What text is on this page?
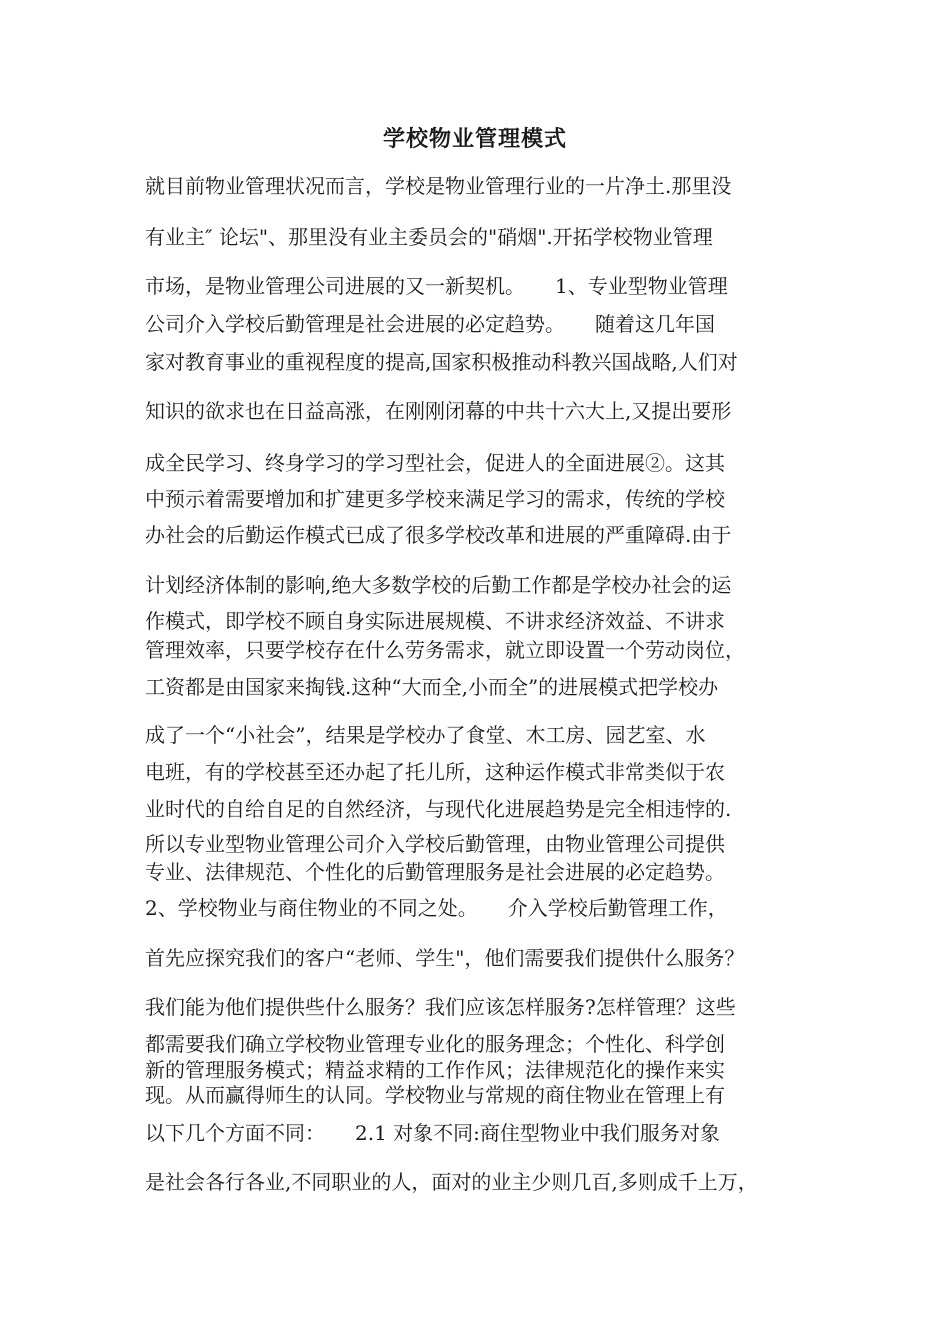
学校物业管理模式
就目前物业管理状况而言，学校是物业管理行业的一片净土.那里没
有业主″ 论坛"、那里没有业主委员会的"硝烟".开拓学校物业管理
市场，是物业管理公司进展的又一新契机。　　1、专业型物业管理
公司介入学校后勤管理是社会进展的必定趋势。　　随着这几年国
家对教育事业的重视程度的提高,国家积极推动科教兴国战略,人们对
知识的欲求也在日益高涨，在刚刚闭幕的中共十六大上,又提出要形
成全民学习、终身学习的学习型社会，促进人的全面进展②。这其
中预示着需要增加和扩建更多学校来满足学习的需求，传统的学校
办社会的后勤运作模式已成了很多学校改革和进展的严重障碍.由于
计划经济体制的影响,绝大多数学校的后勤工作都是学校办社会的运
作模式，即学校不顾自身实际进展规模、不讲求经济效益、不讲求
管理效率，只要学校存在什么劳务需求，就立即设置一个劳动岗位，
工资都是由国家来掏钱.这种“大而全,小而全”的进展模式把学校办
成了一个“小社会”，结果是学校办了食堂、木工房、园艺室、水
电班，有的学校甚至还办起了托儿所，这种运作模式非常类似于农
业时代的自给自足的自然经济，与现代化进展趋势是完全相违悖的.
所以专业型物业管理公司介入学校后勤管理，由物业管理公司提供
专业、法律规范、个性化的后勤管理服务是社会进展的必定趋势。
2、学校物业与商住物业的不同之处。　　介入学校后勤管理工作，
首先应探究我们的客户“老师、学生"，他们需要我们提供什么服务？
我们能为他们提供些什么服务？我们应该怎样服务?怎样管理？这些
都需要我们确立学校物业管理专业化的服务理念；个性化、科学创
新的管理服务模式；精益求精的工作作风；法律规范化的操作来实
现。从而赢得师生的认同。学校物业与常规的商住物业在管理上有
以下几个方面不同：　　2.1 对象不同:商住型物业中我们服务对象
是社会各行各业,不同职业的人，面对的业主少则几百,多则成千上万，
